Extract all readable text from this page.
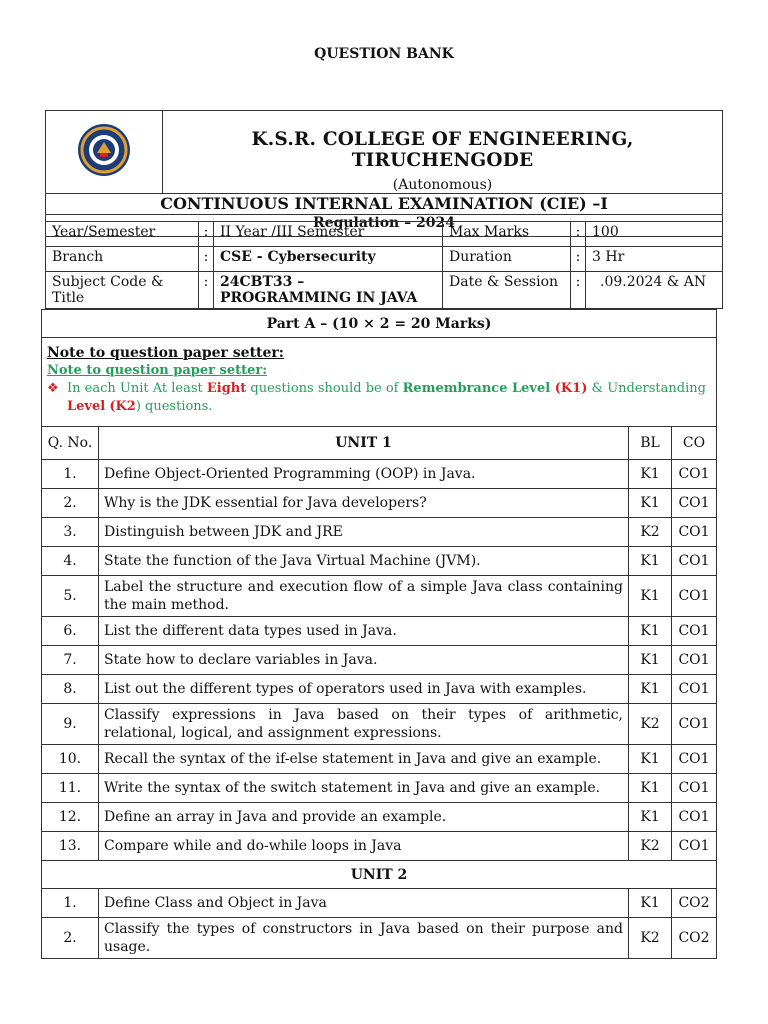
QUESTION BANK

K.S.R. COLLEGE OF ENGINEERING, TIRUCHENGODE
(Autonomous)

CONTINUOUS INTERNAL EXAMINATION (CIE) –I
Regulation – 2024
Year/Semester	:	II Year /III Semester	Max Marks	:	100
Branch	:	CSE - Cybersecurity	Duration	:	3 Hr
Subject Code & Title	:	24CBT33 – PROGRAMMING IN JAVA	Date & Session	:	.09.2024 & AN
Part A – (10 × 2 = 20 Marks)			

Note to question paper setter:
Note to question paper setter:
❖ In each Unit At least Eight questions should be of Remembrance Level (K1) & Understanding Level (K2) questions.			

Q. No.	UNIT 1	BL	CO
1.	Define Object-Oriented Programming (OOP) in Java.	K1	CO1
2.	Why is the JDK essential for Java developers?	K1	CO1
3.	Distinguish between JDK and JRE	K2	CO1
4.	State the function of the Java Virtual Machine (JVM).	K1	CO1
5.	Label the structure and execution flow of a simple Java class containing the main method.	K1	CO1
6.	List the different data types used in Java.	K1	CO1
7.	State how to declare variables in Java.	K1	CO1
8.	List out the different types of operators used in Java with examples.	K1	CO1
9.	Classify expressions in Java based on their types of arithmetic, relational, logical, and assignment expressions.	K2	CO1
10.	Recall the syntax of the if-else statement in Java and give an example.	K1	CO1
11.	Write the syntax of the switch statement in Java and give an example.	K1	CO1
12.	Define an array in Java and provide an example.	K1	CO1
13.	Compare while and do-while loops in Java	K2	CO1
UNIT 2			
1.	Define Class and Object in Java	K1	CO2
2.	Classify the types of constructors in Java based on their purpose and usage.	K2	CO2
